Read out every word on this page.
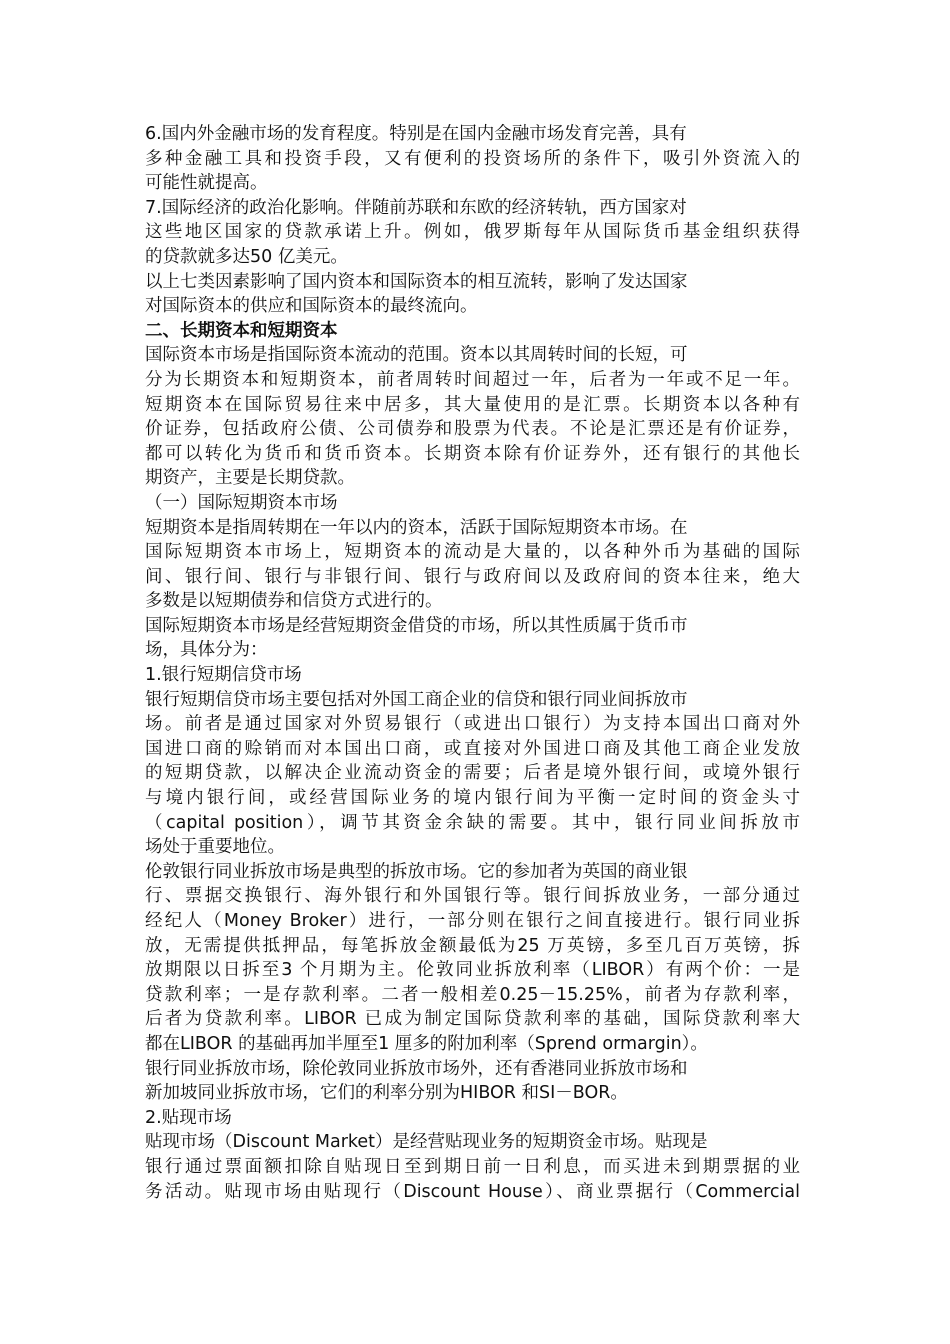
6.国内外金融市场的发育程度。特别是在国内金融市场发育完善，具有
多种金融工具和投资手段，又有便利的投资场所的条件下，吸引外资流入的
可能性就提高。
7.国际经济的政治化影响。伴随前苏联和东欧的经济转轨，西方国家对
这些地区国家的贷款承诺上升。例如，俄罗斯每年从国际货币基金组织获得
的贷款就多达50 亿美元。
以上七类因素影响了国内资本和国际资本的相互流转，影响了发达国家
对国际资本的供应和国际资本的最终流向。
二、长期资本和短期资本
国际资本市场是指国际资本流动的范围。资本以其周转时间的长短，可
分为长期资本和短期资本，前者周转时间超过一年，后者为一年或不足一年。
短期资本在国际贸易往来中居多，其大量使用的是汇票。长期资本以各种有
价证券，包括政府公债、公司债券和股票为代表。不论是汇票还是有价证券，
都可以转化为货币和货币资本。长期资本除有价证券外，还有银行的其他长
期资产，主要是长期贷款。
（一）国际短期资本市场
短期资本是指周转期在一年以内的资本，活跃于国际短期资本市场。在
国际短期资本市场上，短期资本的流动是大量的，以各种外币为基础的国际
间、银行间、银行与非银行间、银行与政府间以及政府间的资本往来，绝大
多数是以短期债券和信贷方式进行的。
国际短期资本市场是经营短期资金借贷的市场，所以其性质属于货币市
场，具体分为：
1.银行短期信贷市场
银行短期信贷市场主要包括对外国工商企业的信贷和银行同业间拆放市
场。前者是通过国家对外贸易银行（或进出口银行）为支持本国出口商对外
国进口商的赊销而对本国出口商，或直接对外国进口商及其他工商企业发放
的短期贷款，以解决企业流动资金的需要；后者是境外银行间，或境外银行
与境内银行间，或经营国际业务的境内银行间为平衡一定时间的资金头寸
（capital position），调节其资金余缺的需要。其中，银行同业间拆放市
场处于重要地位。
伦敦银行同业拆放市场是典型的拆放市场。它的参加者为英国的商业银
行、票据交换银行、海外银行和外国银行等。银行间拆放业务，一部分通过
经纪人（Money Broker）进行，一部分则在银行之间直接进行。银行同业拆
放，无需提供抵押品，每笔拆放金额最低为25 万英镑，多至几百万英镑，拆
放期限以日拆至3 个月期为主。伦敦同业拆放利率（LIBOR）有两个价：一是
贷款利率；一是存款利率。二者一般相差0.25－15.25%，前者为存款利率，
后者为贷款利率。LIBOR 已成为制定国际贷款利率的基础，国际贷款利率大
都在LIBOR 的基础再加半厘至1 厘多的附加利率（Sprend ormargin）。
银行同业拆放市场，除伦敦同业拆放市场外，还有香港同业拆放市场和
新加坡同业拆放市场，它们的利率分别为HIBOR 和SI－BOR。
2.贴现市场
贴现市场（Discount Market）是经营贴现业务的短期资金市场。贴现是
银行通过票面额扣除自贴现日至到期日前一日利息，而买进未到期票据的业
务活动。贴现市场由贴现行（Discount House）、商业票据行（Commercial
